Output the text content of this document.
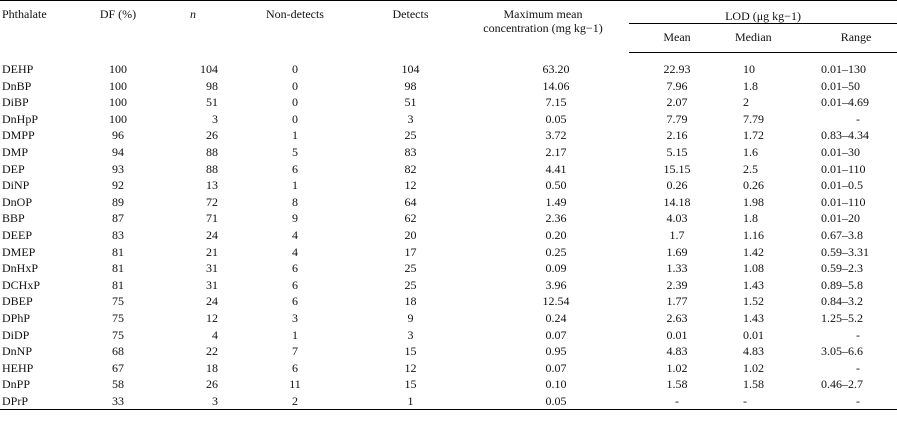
Phthalate	DF (%)	n	Non-detects	Detects	Maximum mean
concentration (mg kg−1)	LOD (μg kg−1)		
						Mean	Median	Range
DEHP	100	104	0	104	63.20	22.93	10	0.01–130
DnBP	100	98	0	98	14.06	7.96	1.8	0.01–50
DiBP	100	51	0	51	7.15	2.07	2	0.01–4.69
DnHpP	100	3	0	3	0.05	7.79	7.79	-
DMPP	96	26	1	25	3.72	2.16	1.72	0.83–4.34
DMP	94	88	5	83	2.17	5.15	1.6	0.01–30
DEP	93	88	6	82	4.41	15.15	2.5	0.01–110
DiNP	92	13	1	12	0.50	0.26	0.26	0.01–0.5
DnOP	89	72	8	64	1.49	14.18	1.98	0.01–110
BBP	87	71	9	62	2.36	4.03	1.8	0.01–20
DEEP	83	24	4	20	0.20	1.7	1.16	0.67–3.8
DMEP	81	21	4	17	0.25	1.69	1.42	0.59–3.31
DnHxP	81	31	6	25	0.09	1.33	1.08	0.59–2.3
DCHxP	81	31	6	25	3.96	2.39	1.43	0.89–5.8
DBEP	75	24	6	18	12.54	1.77	1.52	0.84–3.2
DPhP	75	12	3	9	0.24	2.63	1.43	1.25–5.2
DiDP	75	4	1	3	0.07	0.01	0.01	-
DnNP	68	22	7	15	0.95	4.83	4.83	3.05–6.6
HEHP	67	18	6	12	0.07	1.02	1.02	-
DnPP	58	26	11	15	0.10	1.58	1.58	0.46–2.7
DPrP	33	3	2	1	0.05	-	-	-
